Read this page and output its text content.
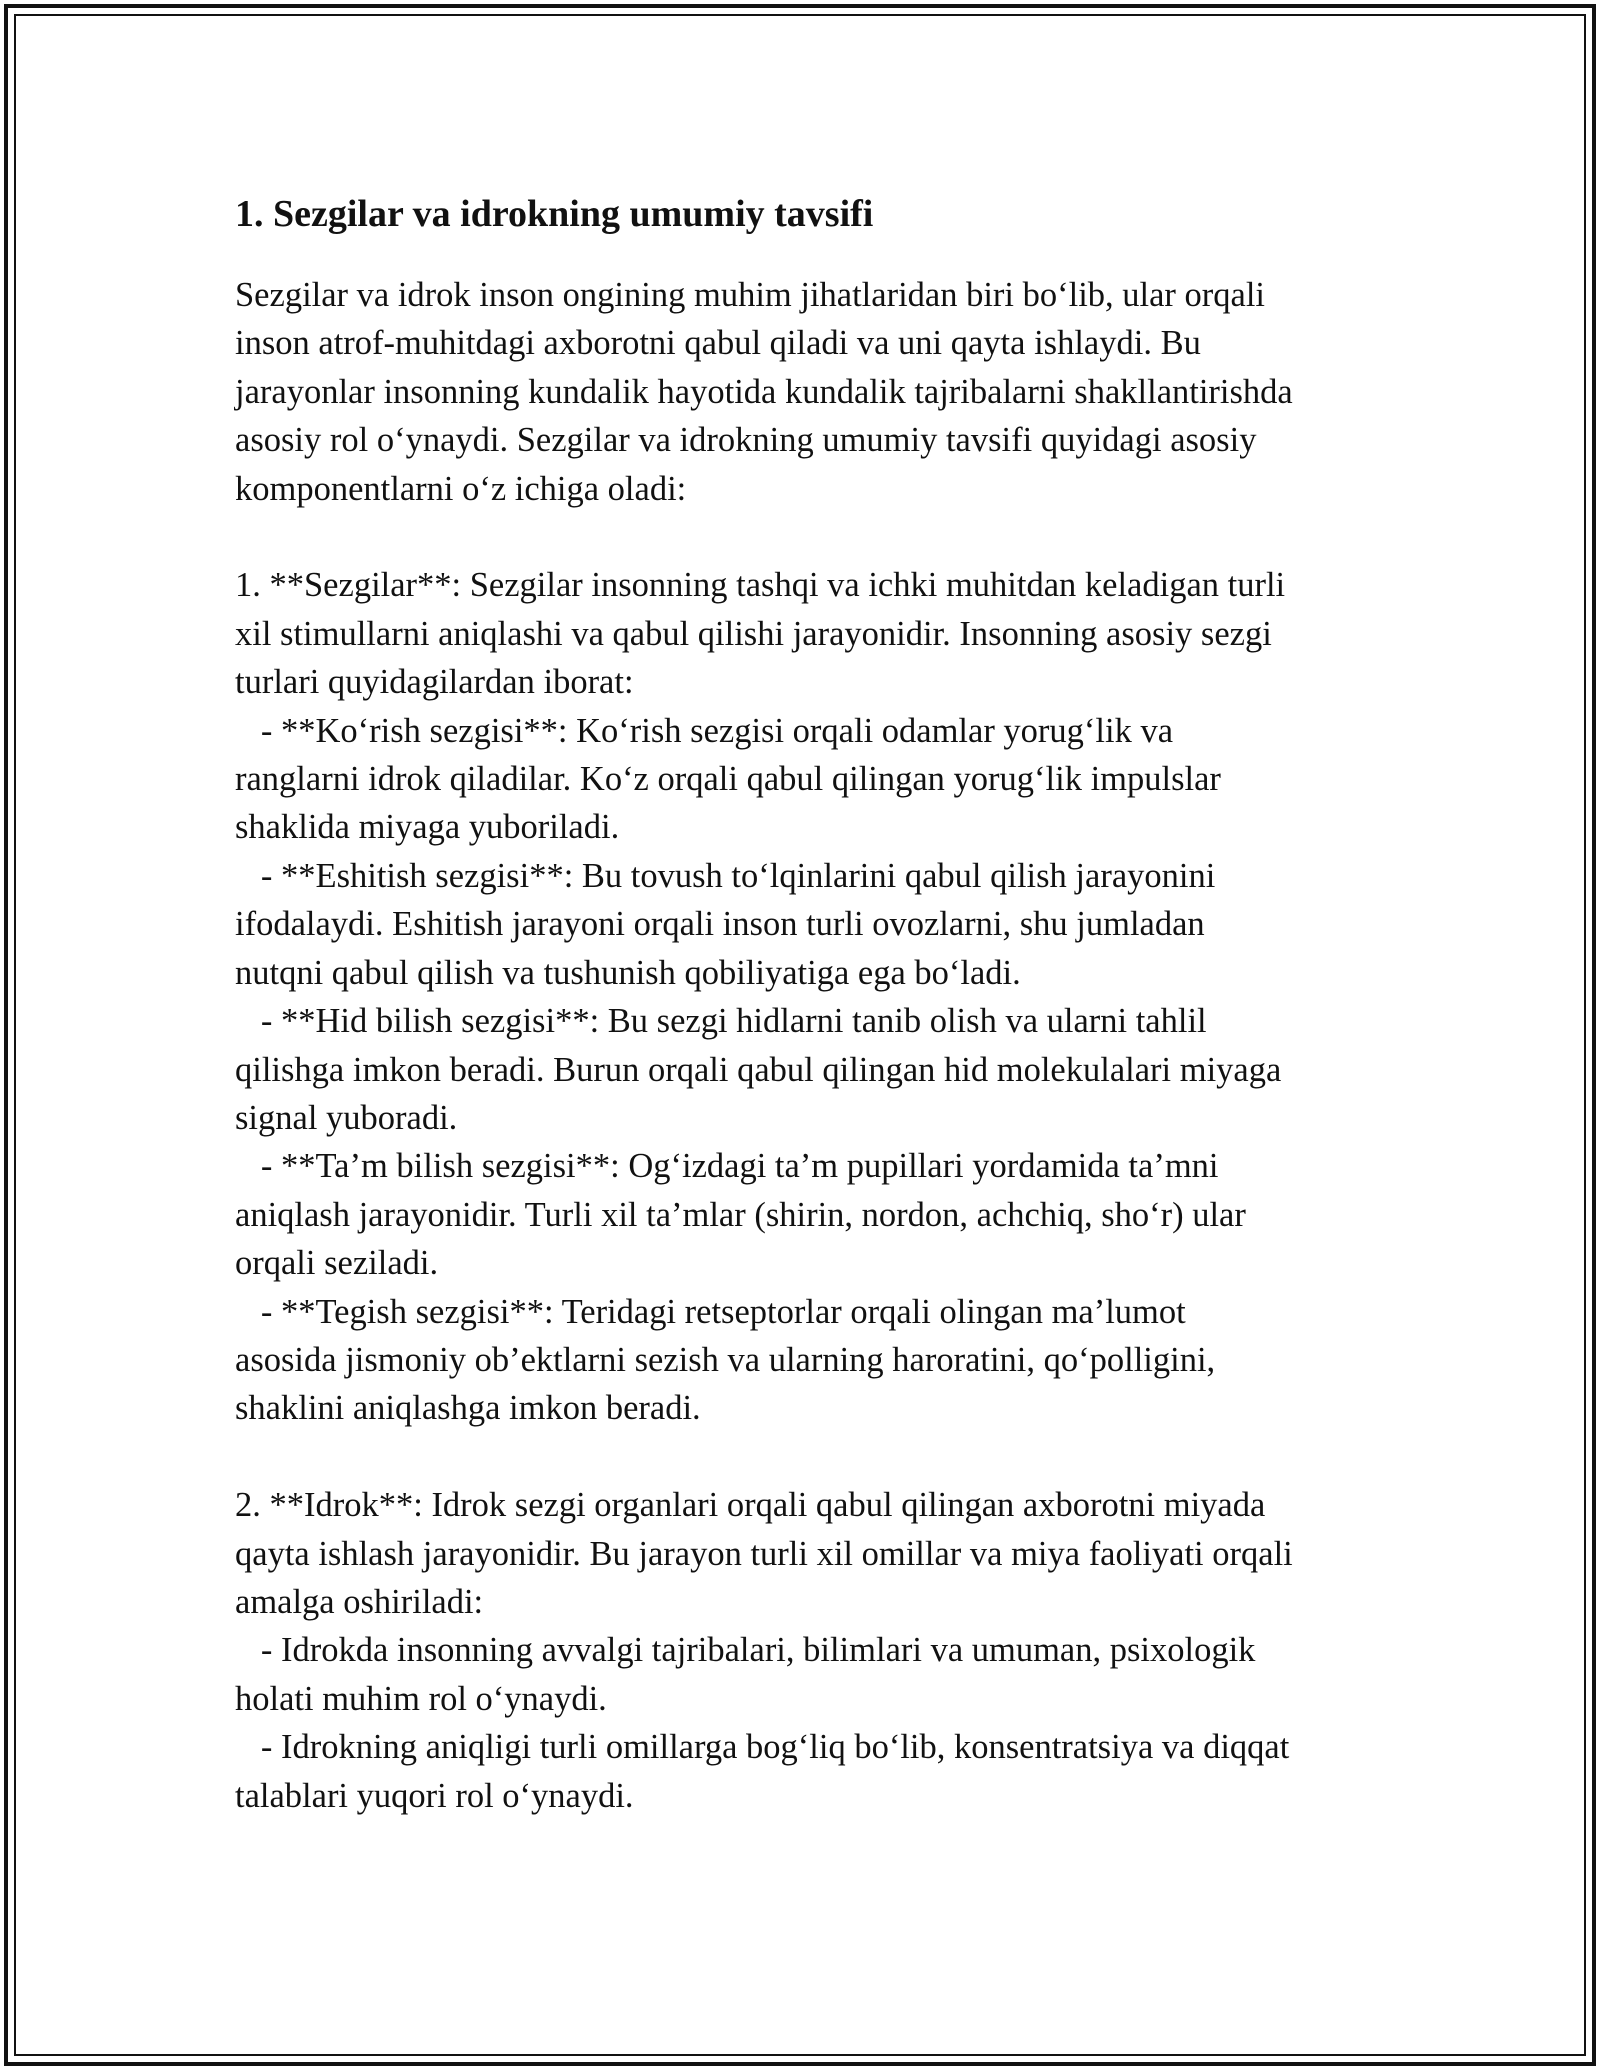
1. Sezgilar va idrokning umumiy tavsifi

Sezgilar va idrok inson ongining muhim jihatlaridan biri bo‘lib, ular orqali
inson atrof-muhitdagi axborotni qabul qiladi va uni qayta ishlaydi. Bu
jarayonlar insonning kundalik hayotida kundalik tajribalarni shakllantirishda
asosiy rol o‘ynaydi. Sezgilar va idrokning umumiy tavsifi quyidagi asosiy
komponentlarni o‘z ichiga oladi:

1. **Sezgilar**: Sezgilar insonning tashqi va ichki muhitdan keladigan turli
xil stimullarni aniqlashi va qabul qilishi jarayonidir. Insonning asosiy sezgi
turlari quyidagilardan iborat:
- **Ko‘rish sezgisi**: Ko‘rish sezgisi orqali odamlar yorug‘lik va
ranglarni idrok qiladilar. Ko‘z orqali qabul qilingan yorug‘lik impulslar
shaklida miyaga yuboriladi.
- **Eshitish sezgisi**: Bu tovush to‘lqinlarini qabul qilish jarayonini
ifodalaydi. Eshitish jarayoni orqali inson turli ovozlarni, shu jumladan
nutqni qabul qilish va tushunish qobiliyatiga ega bo‘ladi.
- **Hid bilish sezgisi**: Bu sezgi hidlarni tanib olish va ularni tahlil
qilishga imkon beradi. Burun orqali qabul qilingan hid molekulalari miyaga
signal yuboradi.
- **Ta’m bilish sezgisi**: Og‘izdagi ta’m pupillari yordamida ta’mni
aniqlash jarayonidir. Turli xil ta’mlar (shirin, nordon, achchiq, sho‘r) ular
orqali seziladi.
- **Tegish sezgisi**: Teridagi retseptorlar orqali olingan ma’lumot
asosida jismoniy ob’ektlarni sezish va ularning haroratini, qo‘polligini,
shaklini aniqlashga imkon beradi.

2. **Idrok**: Idrok sezgi organlari orqali qabul qilingan axborotni miyada
qayta ishlash jarayonidir. Bu jarayon turli xil omillar va miya faoliyati orqali
amalga oshiriladi:
- Idrokda insonning avvalgi tajribalari, bilimlari va umuman, psixologik
holati muhim rol o‘ynaydi.
- Idrokning aniqligi turli omillarga bog‘liq bo‘lib, konsentratsiya va diqqat
talablari yuqori rol o‘ynaydi.
